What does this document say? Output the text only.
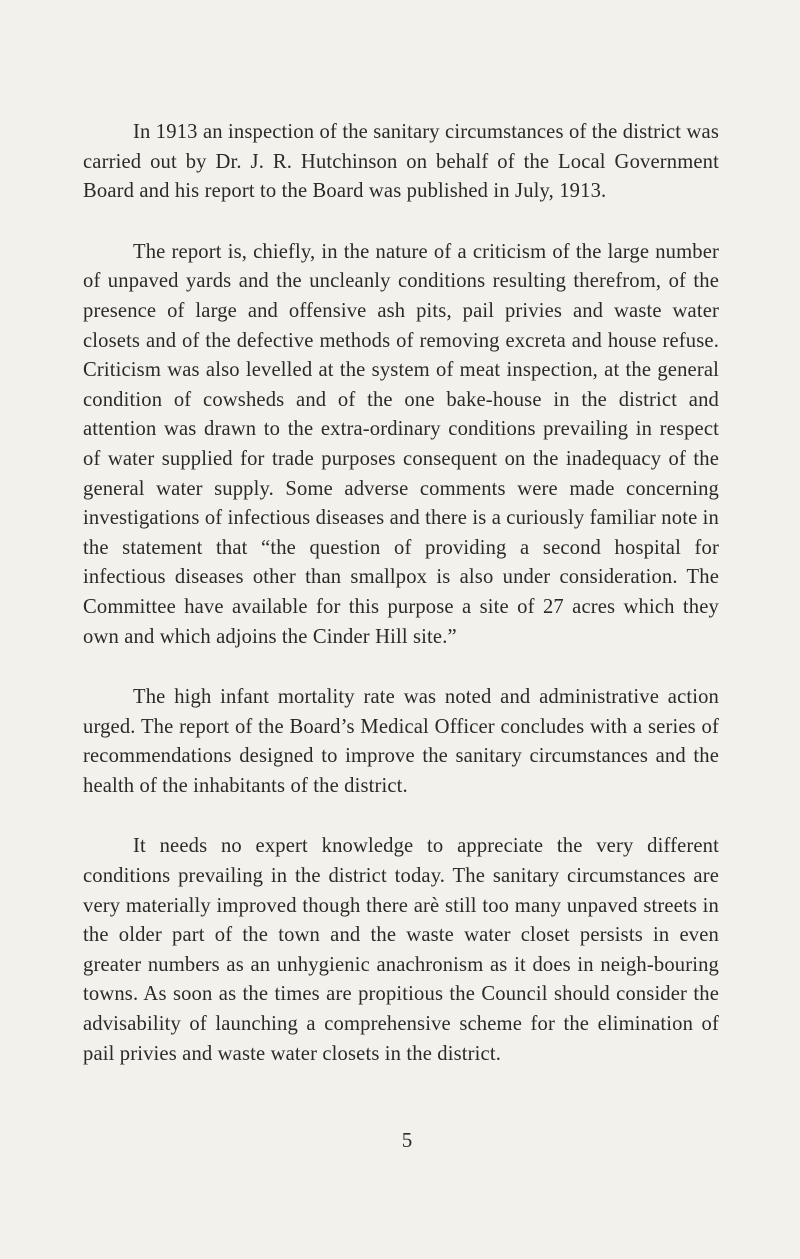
In 1913 an inspection of the sanitary circumstances of the district was carried out by Dr. J. R. Hutchinson on behalf of the Local Government Board and his report to the Board was published in July, 1913.

The report is, chiefly, in the nature of a criticism of the large number of unpaved yards and the uncleanly conditions resulting therefrom, of the presence of large and offensive ash pits, pail privies and waste water closets and of the defective methods of removing excreta and house refuse. Criticism was also levelled at the system of meat inspection, at the general condition of cowsheds and of the one bake-house in the district and attention was drawn to the extra-ordinary conditions prevailing in respect of water supplied for trade purposes consequent on the inadequacy of the general water supply. Some adverse comments were made concerning investigations of infectious diseases and there is a curiously familiar note in the statement that “the question of providing a second hospital for infectious diseases other than smallpox is also under consideration. The Committee have available for this purpose a site of 27 acres which they own and which adjoins the Cinder Hill site.”

The high infant mortality rate was noted and administrative action urged. The report of the Board’s Medical Officer concludes with a series of recommendations designed to improve the sanitary circumstances and the health of the inhabitants of the district.

It needs no expert knowledge to appreciate the very different conditions prevailing in the district today. The sanitary circumstances are very materially improved though there arè still too many unpaved streets in the older part of the town and the waste water closet persists in even greater numbers as an unhygienic anachronism as it does in neigh-bouring towns. As soon as the times are propitious the Council should consider the advisability of launching a comprehensive scheme for the elimination of pail privies and waste water closets in the district.

5
